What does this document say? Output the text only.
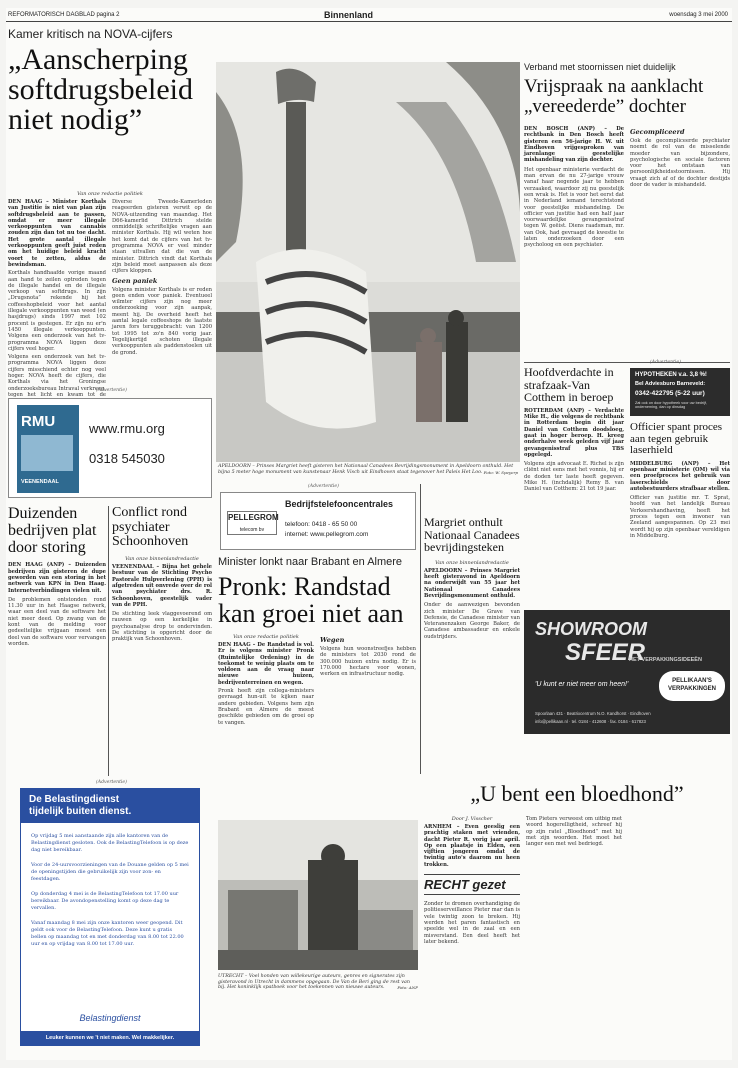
REFORMATORISCH DAGBLAD pagina 2	Binnenland	woensdag 3 mei 2000
Kamer kritisch na NOVA-cijfers
„Aanscherping softdrugsbeleid niet nodig”
Van onze redactie politiek
DEN HAAG – Minister Korthals van Justitie is niet van plan zijn softdrugsbeleid aan te passen, omdat er meer illegale verkooppunten van cannabis zouden zijn dan tot nu toe dacht. Het grote aantal illegale verkooppunten geeft juist reden om het huidige beleid kracht voort te zetten, aldus de bewindsman.
Korthals handhaafde vorige maand aan hand te zeilen optreden tegen de illegale handel en de illegale verkoop van softdrugs. In zijn „Drugsnota” rekende hij het coffeeshopbeleid voor het aantal illegale verkooppunten van weed (en hasjdrugs) sinds 1997 met 102 procent is gestegen. Er zijn nu er'n 1450 illegale verkooppunten. Volgens een onderzoek van het tv-programma NOVA liggen deze cijfers veel hoger.
Volgens een onderzoek van het tv-programma NOVA liggen deze cijfers misschiend echter nog veel hoger. NOVA heeft de cijfers, die Korthals via het Groningse onderzoeksbureau Intraval verkreeg, tegen het licht en kwam tot de
Diverse Tweede-Kamerleden reageerden gisteren verwit op de NOVA-uitzending van maandag. Het D66-kamerlid Dittrich stelde onmiddelijk schriftelijke vragen aan minister Korthals. Hij wil weten hoe het komt dat de cijfers van het tv-programma NOVA er veel minder staan uitvallen dat die van de minister. Dittrich vindt dat Korthals zijn beleid moet aanpassen als deze cijfers kloppen.
Geen paniek
Volgens minister Korthals is er reden geen enden voor paniek. Eventueel wilmter cijfers zijn nog meer onderzoeking voor zijn aanpak, meent hij. De overheid heeft het aantal legale coffeeshops de laatste jaren fors teruggebracht: van 1200 tot 1995 tot zo'n 840 vorig jaar. Tegelijkertijd schoten illegale verkooppunten als paddenstoelen uit de grond.
(Advertentie)
RMU
VEENENDAAL
www.rmu.org
0318 545030
Duizenden bedrijven plat door storing
DEN HAAG (ANP) – Duizenden bedrijven zijn gisteren de dupe geworden van een storing in het netwerk van KPN in Den Haag. Internetverbindingen vielen uit.
De problemen ontstonden rond 11.30 uur in het Haagse netwerk, waar een deel van de software het niet meer deed. Op zwang van de kont van de melding voor gedeeltelijke vrijgaan moest een deel van de software voor vervangen worden.
Conflict rond psychiater Schoonhoven
Van onze binnenlandredactie
VEENENDAAL – Bijna het gehele bestuur van de Stichting Psycho Pastorale Hulpverlening (PPH) is afgetreden uit onvrede over de rol van psychiater drs. R. Schoonhoven, geestelijk vader van de PPH.
De stichting leek vlaggevoerend om rauwen op een kerkelijke in psychoanalyse drop te ondervinden. De stichting is opgericht door de praktijk van Schoonhoven.
(Advertentie)
De Belastingdienst
tijdelijk buiten dienst.
Op vrijdag 5 mei aanstaande zijn alle kantoren van de Belastingdienst gesloten. Ook de BelastingTelefoon is op deze dag niet bereikbaar.
Voor de 24-uursvoorzieningen van de Douane gelden op 5 mei de openingstijden die gebruikelijk zijn voor zon- en feestdagen.
Op donderdag 4 mei is de BelastingTelefoon tot 17.00 uur bereikbaar. De avondopenstelling komt op deze dag te vervallen.
Vanaf maandag 8 mei zijn onze kantoren weer geopend. Dit geldt ook voor de BelastingTelefoon. Deze kunt u gratis bellen op maandag tot en met donderdag van 8.00 tot 22.00 uur en op vrijdag van 8.00 tot 17.00 uur.
Belastingdienst
Leuker kunnen we 't niet maken. Wel makkelijker.
APELDOORN – Prinses Margriet heeft gisteren het Nationaal Canadees Bevrijdingsmonument in Apeldoorn onthuld. Het bijna 5 meter hoge monument van kunstenaar Henk Visch uit Eindhoven staat tegenover het Paleis Het Loo. Foto: W. Speyerp
(Advertentie)
PELLEGROM
telecom bv
Bedrijfstelefooncentrales
telefoon: 0418 - 65 50 00
internet: www.pellegrom.com
Minister lonkt naar Brabant en Almere
Pronk: Randstad kan groei niet aan
Van onze redactie politiek
DEN HAAG – De Randstad is vol. Er is volgens minister Pronk (Ruimtelijke Ordening) in de toekomst te weinig plaats om te voldoen aan de vraag naar nieuwe huizen, bedrijventerreinen en wegen.
Pronk heeft zijn collega-ministers gevraagd hun-uit te kijken naar andere gebieden. Volgens hem zijn Brabant en Almere de meest geschikte gebieden om de groei op te vangen.
Wegen
Volgens hun woonstreefjes hebben de ministers tot 2030 rond de 300.000 huizen extra nodig. Er is 170.000 hectare voor wonen, werken en infrastructuur nodig.
UTRECHT – Voel honden van willekeurige auteurs, genres en signerates zijn gisteravond in Utrecht in dammens opgegaan. De Van de Beri ging de rest van bij. Het koninklijk spatboek voor het toekennen van nieuwe auteurs.	Foto: ANP
Margriet onthult Nationaal Canadees bevrijdingsteken
Van onze binnenlandredactie
APELDOORN – Prinses Margriet heeft gisteravond in Apeldoorn na onderwijdt van 55 jaar het Nationaal Canadees Bevrijdingsmonument onthuld.
Onder de aanwezigen bevonden zich minister De Grave van Defensie, de Canadese minister van Veteranenzaken George Baker, de Canadese ambassadeur en enkele oudstrijders.
Verband met stoornissen niet duidelijk
Vrijspraak na aanklacht „vereederde” dochter
DEN BOSCH (ANP) – De rechtbank in Den Bosch heeft gisteren een 56-jarige H. W. uit Eindhoven vrijgesproken van jarenlange geestelijke mishandeling van zijn dochter.
Het openbaar ministerie verdacht de man ervan de nu 27-jarige vrouw vanaf haar negende jaar te hebben verzaaked, waardoor zij nu geestelijk een wrak is. Het is voor het eerst dat in Nederland iemand terechtstond voor geestelijke mishandeling. De officier van justitie had een half jaar voorwaardelijke gevangenisstraf tegen W. geëist. Diens raadsman, mr. van Ook, had gevraagd de kwestie te laten onderzoeken door een psycholoog en een psychiater.
Gecompliceerd
Ook de gecompliceerde psychiater noemt de rol van de misselende moeder van bijzondere, psychologische en sociale factoren voor het ontstaan van persoonlijkheidsstoornissen. Hij vraagt zich af of de dochter destijds door de vader is mishandeld.
Hoofdverdachte in strafzaak-Van Cotthem in beroep
ROTTERDAM (ANP) – Verdachte Mike H., die volgens de rechtbank in Rotterdam begin dit jaar Daniel van Cotthem doodsloeg, gaat in hoger beroep. H. kreeg onderhalve week geleden vijf jaar gevangenisstraf plus TBS opgelegd.
Volgens zijn advocaat E. Richel is zijn cliënt niet eens met het vonnis, hij er de doden ter laste heeft gegeven. Mike H. (inchdalijk) Remy B. van Daniel van Cotthem: 21 tot 19 jaar.
(Advertentie)
HYPOTHEKEN v.a. 3,8 %!
Bel Adviesburo Barneveld:
0342-422795 (5-22 uur)
Zat ook on door hypotheek voor uw bedrijf, onderneming, dan op dinsdag
Officier spant proces aan tegen gebruik laserhield
MIDDELBURG (ANP) – Het openbaar ministerie (OM) wil via een proefproces het gebruik van laserschields door autobestuurders strafbaar stellen.
Officier van justitie mr. T. Sprat, hoofd van het landelijk Bureau Verkeershandhaving, heeft het proces tegen een inwoner van Zeeland aangespannen. Op 23 mei wordt hij op zijn openbaar vereldigen in Middelburg.
SHOWROOM
SFEER
HET VERPAKKINGSIDEEËN
'U kunt er niet meer om heen!'	PELLIKAAN'S
VERPAKKINGEN
Spoorlaan 431 · Beatrixcentrum N.O. Kandhorst · Eindhoven
info@pellikaan.nl · tel. 0184 - 412608 · fax. 0184 - 617823
„U bent een bloedhond”
Door J. Visscher
ARNHEM – Even geeslig een prachtig staken met vrienden, dacht Pieter R. vorig jaar april. Op een plaatsje in Elden, een vijftien jongeren omdat de twintig auto's daarom nu heen trokken.
RECHT gezet
Zonder te dromen overhandiging de politieserveillance Pieter mar dan is vele twintig zoon te breken. Hij werden het paren fantastisch en speelde wel in de zaal en een misverstand. Een deel heeft het later bekend.
Tom Pieters verweest om uitbig met woord hogerelligtheid, schreef hij op zijn ratel „Bloedhond” met hij met zijn woorden. Het moet het langer een met wel bedriegd.
